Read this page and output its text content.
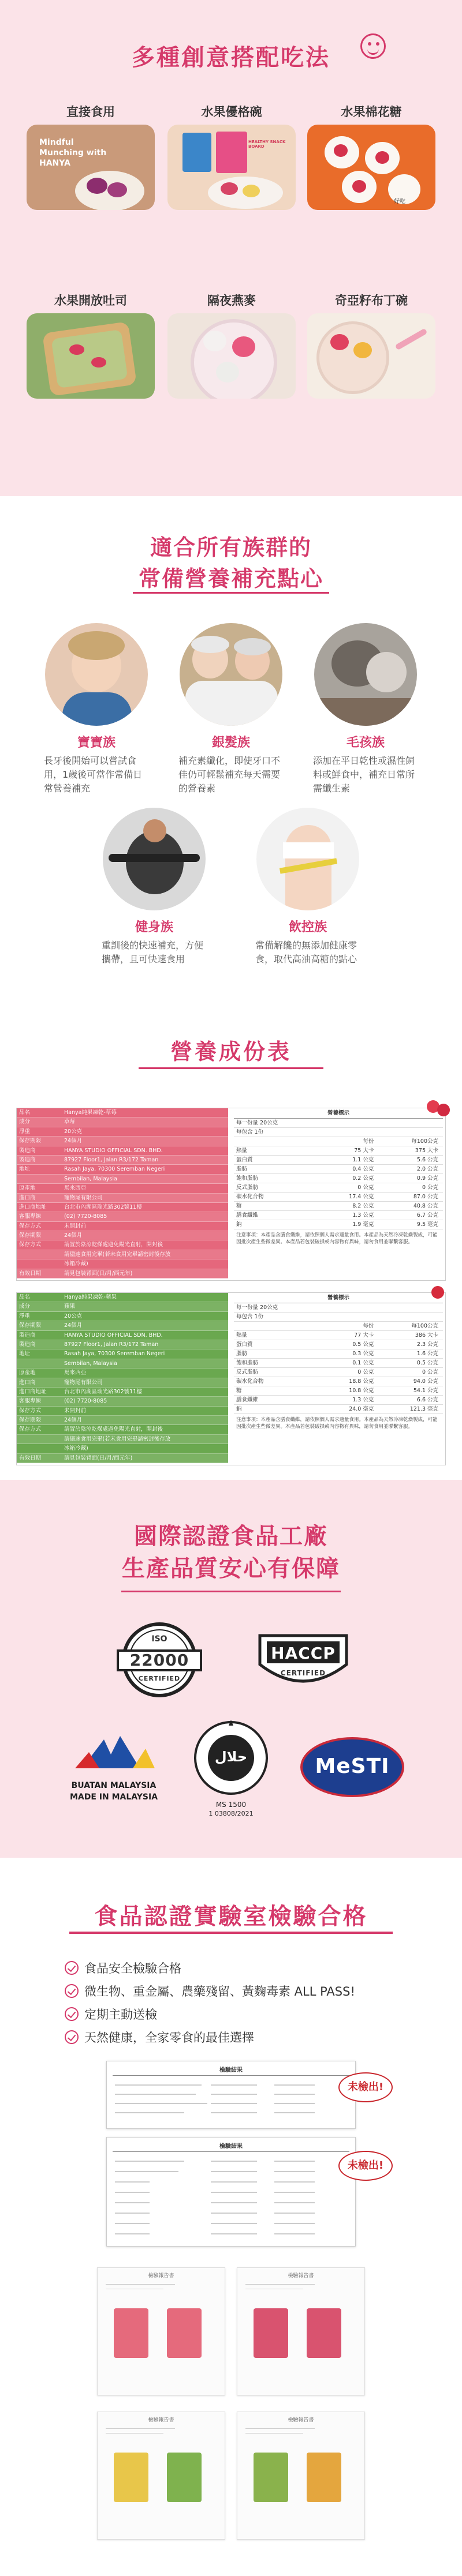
多種創意搭配吃法
直接食用
Mindful Munching with HANYA
水果優格碗
HEALTHY SNACK BOARD
水果棉花糖
好吃
水果開放吐司	隔夜燕麥	奇亞籽布丁碗
適合所有族群的
常備營養補充點心
寶寶族
長牙後開始可以嘗試食用，1歲後可當作常備日常營養補充
銀髮族
補充素纖化，即使牙口不佳仍可輕鬆補充每天需要的營養素
毛孩族
添加在平日乾性或濕性飼料或鮮食中，補充日常所需纖生素
健身族
重訓後的快速補充，方便攜帶，且可快速食用
飲控族
常備解饞的無添加健康零食，取代高油高糖的點心
營養成份表
品名	Hanya純果凍乾-草莓
成分	草莓
淨重	20公克
保存期限	24個月
製造商	HANYA STUDIO OFFICIAL SDN. BHD.
製造商	87927 Floor1, Jalan R3/172 Taman
地址	Rasah Jaya, 70300 Seremban Negeri
Sembilan, Malaysia
原產地	馬來西亞
進口商	寵物尾有限公司
進口商地址	台北市內湖區瑞光路302號11樓
客服專線	(02) 7720-8085
保存方式	未開封前
保存期限	24個月
保存方式	請置於陰涼乾燥處避免陽光直射，開封後
請儘速食用完畢(若未食用完畢請密封後存放
冰箱冷藏)
有效日期	請見包裝背面(日/月/西元年)
營養標示
每一份量 20公克
每包含 1份
每份	每100公克
熱量	75 大卡	375 大卡
蛋白質	1.1 公克	5.6 公克
脂肪	0.4 公克	2.0 公克
飽和脂肪	0.2 公克	0.9 公克
反式脂肪	0 公克	0 公克
碳水化合物	17.4 公克	87.0 公克
糖	8.2 公克	40.8 公克
膳食纖維	1.3 公克	6.7 公克
鈉	1.9 毫克	9.5 毫克
注意事項：本產品含膳食纖維，請依照個人需求適量食用。本產品為天然冷凍乾燥製成，可能因批次產生些微差異。本產品若包裝破損或內容物有異味，請勿食用並聯繫客服。
品名	Hanya純果凍乾-蘋果
成分	蘋果
淨重	20公克
保存期限	24個月
製造商	HANYA STUDIO OFFICIAL SDN. BHD.
製造商	87927 Floor1, Jalan R3/172 Taman
地址	Rasah Jaya, 70300 Seremban Negeri
Sembilan, Malaysia
原產地	馬來西亞
進口商	寵物尾有限公司
進口商地址	台北市內湖區瑞光路302號11樓
客服專線	(02) 7720-8085
保存方式	未開封前
保存期限	24個月
保存方式	請置於陰涼乾燥處避免陽光直射，開封後
請儘速食用完畢(若未食用完畢請密封後存放
冰箱冷藏)
有效日期	請見包裝背面(日/月/西元年)
營養標示
每一份量 20公克
每包含 1份
每份	每100公克
熱量	77 大卡	386 大卡
蛋白質	0.5 公克	2.3 公克
脂肪	0.3 公克	1.6 公克
飽和脂肪	0.1 公克	0.5 公克
反式脂肪	0 公克	0 公克
碳水化合物	18.8 公克	94.0 公克
糖	10.8 公克	54.1 公克
膳食纖維	1.3 公克	6.6 公克
鈉	24.0 毫克	121.3 毫克
注意事項：本產品含膳食纖維，請依照個人需求適量食用。本產品為天然冷凍乾燥製成，可能因批次產生些微差異。本產品若包裝破損或內容物有異味，請勿食用並聯繫客服。
國際認證食品工廠
生產品質安心有保障
ISO
22000
CERTIFIED
HACCP
CERTIFIED
BUATAN MALAYSIA
MADE IN MALAYSIA
حلال
MS 1500
1 03808/2021
MeSTI
食品認證實驗室檢驗合格
食品安全檢驗合格
微生物、重金屬、農藥殘留、黃麴毒素 ALL PASS!
定期主動送檢
天然健康，全家零食的最佳選擇
檢驗結果
未檢出!
檢驗結果
未檢出!
檢驗報告書	檢驗報告書
檢驗報告書	檢驗報告書
